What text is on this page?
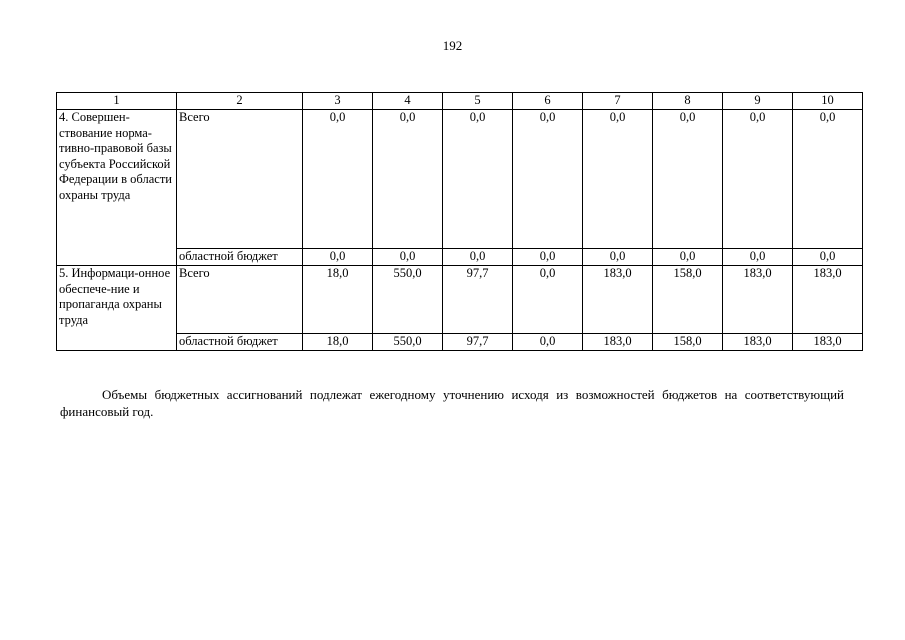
192
1	2	3	4	5	6	7	8	9	10
4. Совершен-ствование норма-тивно-правовой базы субъекта Российской Федерации в области охраны труда	Всего	0,0	0,0	0,0	0,0	0,0	0,0	0,0	0,0
	областной бюджет	0,0	0,0	0,0	0,0	0,0	0,0	0,0	0,0
5. Информаци-онное обеспече-ние и пропаганда охраны труда	Всего	18,0	550,0	97,7	0,0	183,0	158,0	183,0	183,0
	областной бюджет	18,0	550,0	97,7	0,0	183,0	158,0	183,0	183,0

Объемы бюджетных ассигнований подлежат ежегодному уточнению исходя из возможностей бюджетов на соответствующий финансовый год.
